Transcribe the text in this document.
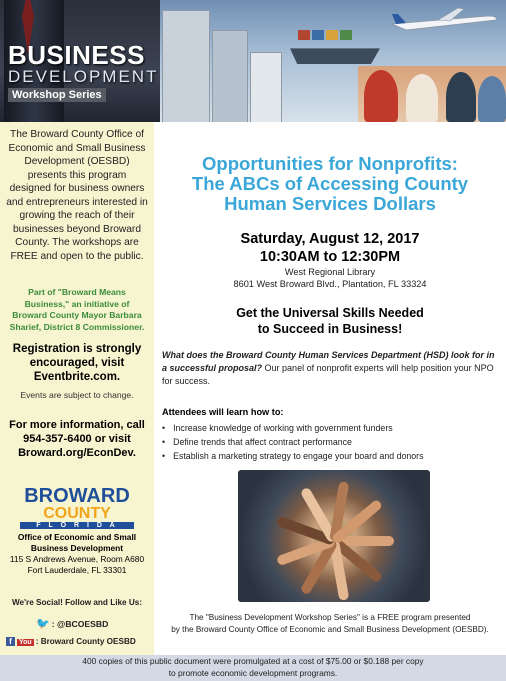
BUSINESS
DEVELOPMENT
Workshop Series
The Broward County Office of Economic and Small Business Development (OESBD) presents this program designed for business owners and entrepreneurs interested in growing the reach of their businesses beyond Broward County. The workshops are FREE and open to the public.
Part of "Broward Means Business," an initiative of Broward County Mayor Barbara Sharief, District 8 Commissioner.
Registration is strongly encouraged, visit Eventbrite.com.
Events are subject to change.
For more information, call 954-357-6400 or visit Broward.org/EconDev.
BROWARD
COUNTY
F L O R I D A
Office of Economic and Small Business Development
115 S Andrews Avenue, Room A680
Fort Lauderdale, FL 33301
We're Social! Follow and Like Us:
🐦 : @BCOESBD
f You : Broward County OESBD
Opportunities for Nonprofits:
The ABCs of Accessing County
Human Services Dollars
Saturday, August 12, 2017
10:30AM to 12:30PM
West Regional Library
8601 West Broward Blvd., Plantation, FL 33324
Get the Universal Skills Needed
to Succeed in Business!
What does the Broward County Human Services Department (HSD) look for in a successful proposal? Our panel of nonprofit experts will help position your NPO for success.
Attendees will learn how to:
• Increase knowledge of working with government funders
• Define trends that affect contract performance
• Establish a marketing strategy to engage your board and donors
The "Business Development Workshop Series" is a FREE program presented
by the Broward County Office of Economic and Small Business Development (OESBD).
400 copies of this public document were promulgated at a cost of $75.00 or $0.188 per copy
to promote economic development programs.
